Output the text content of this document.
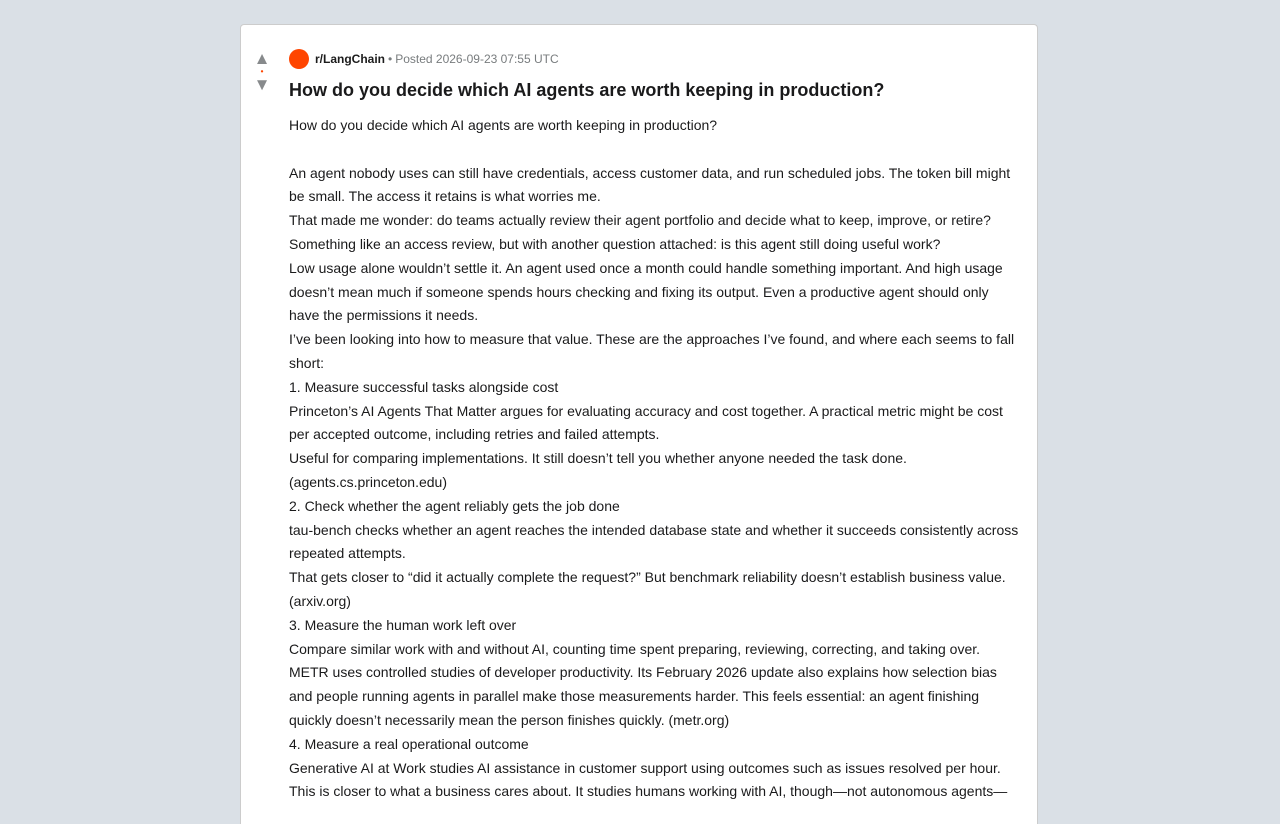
▲
•
▼
r/LangChain • Posted 2026-09-23 07:55 UTC
How do you decide which AI agents are worth keeping in production?

How do you decide which AI agents are worth keeping in production?

An agent nobody uses can still have credentials, access customer data, and run scheduled jobs. The token bill might be small. The access it retains is what worries me.

That made me wonder: do teams actually review their agent portfolio and decide what to keep, improve, or retire? Something like an access review, but with another question attached: is this agent still doing useful work?

Low usage alone wouldn’t settle it. An agent used once a month could handle something important. And high usage doesn’t mean much if someone spends hours checking and fixing its output. Even a productive agent should only have the permissions it needs.

I’ve been looking into how to measure that value. These are the approaches I’ve found, and where each seems to fall short:

1. Measure successful tasks alongside cost

Princeton’s AI Agents That Matter argues for evaluating accuracy and cost together. A practical metric might be cost per accepted outcome, including retries and failed attempts.

Useful for comparing implementations. It still doesn’t tell you whether anyone needed the task done. (agents.cs.princeton.edu)

2. Check whether the agent reliably gets the job done

tau-bench checks whether an agent reaches the intended database state and whether it succeeds consistently across repeated attempts.

That gets closer to “did it actually complete the request?” But benchmark reliability doesn’t establish business value. (arxiv.org)

3. Measure the human work left over

Compare similar work with and without AI, counting time spent preparing, reviewing, correcting, and taking over.

METR uses controlled studies of developer productivity. Its February 2026 update also explains how selection bias and people running agents in parallel make those measurements harder. This feels essential: an agent finishing quickly doesn’t necessarily mean the person finishes quickly. (metr.org)

4. Measure a real operational outcome

Generative AI at Work studies AI assistance in customer support using outcomes such as issues resolved per hour. This is closer to what a business cares about. It studies humans working with AI, though—not autonomous agents—
